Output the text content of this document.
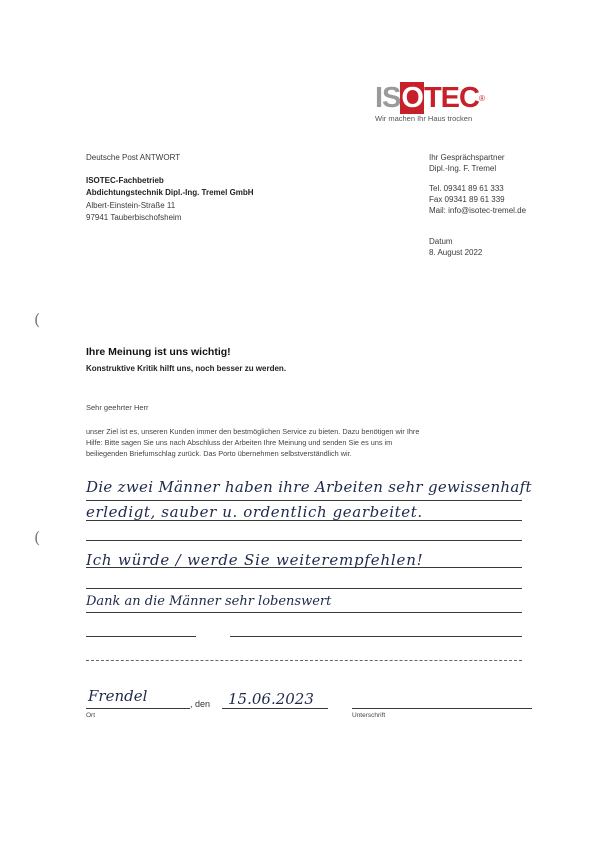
ISOTEC®
Wir machen Ihr Haus trocken
Deutsche Post ANTWORT
ISOTEC-Fachbetrieb
Abdichtungstechnik Dipl.-Ing. Tremel GmbH
Albert-Einstein-Straße 11
97941 Tauberbischofsheim
Ihr Gesprächspartner
Dipl.-Ing. F. Tremel
Tel. 09341 89 61 333
Fax 09341 89 61 339
Mail: info@isotec-tremel.de
Datum
8. August 2022
(
(
Ihre Meinung ist uns wichtig!
Konstruktive Kritik hilft uns, noch besser zu werden.
Sehr geehrter Herr
unser Ziel ist es, unseren Kunden immer den bestmöglichen Service zu bieten. Dazu benötigen wir Ihre
Hilfe: Bitte sagen Sie uns nach Abschluss der Arbeiten Ihre Meinung und senden Sie es uns im
beiliegenden Briefumschlag zurück. Das Porto übernehmen selbstverständlich wir.
Die zwei Männer haben ihre Arbeiten sehr gewissenhaft
erledigt, sauber u. ordentlich gearbeitet.
Ich würde / werde Sie weiterempfehlen!
Dank an die Männer sehr lobenswert
Frendel	, den 15.06.2023
Ort	Unterschrift
